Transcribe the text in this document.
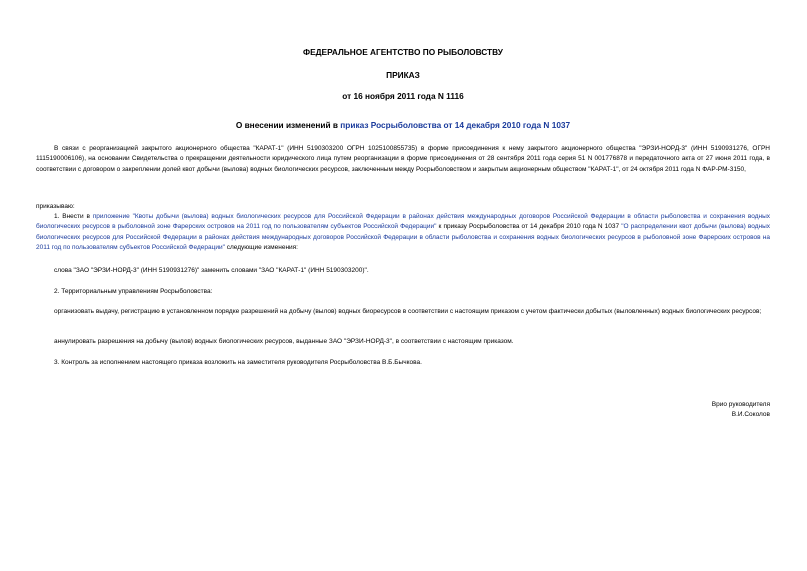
ФЕДЕРАЛЬНОЕ АГЕНТСТВО ПО РЫБОЛОВСТВУ
ПРИКАЗ
от 16 ноября 2011 года N 1116
О внесении изменений в приказ Росрыболовства от 14 декабря 2010 года N 1037
В связи с реорганизацией закрытого акционерного общества "КАРАТ-1" (ИНН 5190303200 ОГРН 1025100855735) в форме присоединения к нему закрытого акционерного общества "ЭРЗИ-НОРД-3" (ИНН 5190931276, ОГРН 1115190006106), на основании Свидетельства о прекращении деятельности юридического лица путем реорганизации в форме присоединения от 28 сентября 2011 года серия 51 N 001776878 и передаточного акта от 27 июня 2011 года, в соответствии с договором о закреплении долей квот добычи (вылова) водных биологических ресурсов, заключенным между Росрыболовством и закрытым акционерным обществом "КАРАТ-1", от 24 октября 2011 года N ФАР-РМ-3150,
приказываю:
1. Внести в приложение "Квоты добычи (вылова) водных биологических ресурсов для Российской Федерации в районах действия международных договоров Российской Федерации в области рыболовства и сохранения водных биологических ресурсов в рыболовной зоне Фарерских островов на 2011 год по пользователям субъектов Российской Федерации" к приказу Росрыболовства от 14 декабря 2010 года N 1037 "О распределении квот добычи (вылова) водных биологических ресурсов для Российской Федерации в районах действия международных договоров Российской Федерации в области рыболовства и сохранения водных биологических ресурсов в рыболовной зоне Фарерских островов на 2011 год по пользователям субъектов Российской Федерации" следующие изменения:
слова "ЗАО "ЭРЗИ-НОРД-3" (ИНН 5190931276)" заменить словами "ЗАО "КАРАТ-1" (ИНН 5190303200)".
2. Территориальным управлениям Росрыболовства:
организовать выдачу, регистрацию в установленном порядке разрешений на добычу (вылов) водных биоресурсов в соответствии с настоящим приказом с учетом фактически добытых (выловленных) водных биологических ресурсов;
аннулировать разрешения на добычу (вылов) водных биологических ресурсов, выданные ЗАО "ЭРЗИ-НОРД-3", в соответствии с настоящим приказом.
3. Контроль за исполнением настоящего приказа возложить на заместителя руководителя Росрыболовства В.Б.Бычкова.
Врио руководителя
В.И.Соколов
